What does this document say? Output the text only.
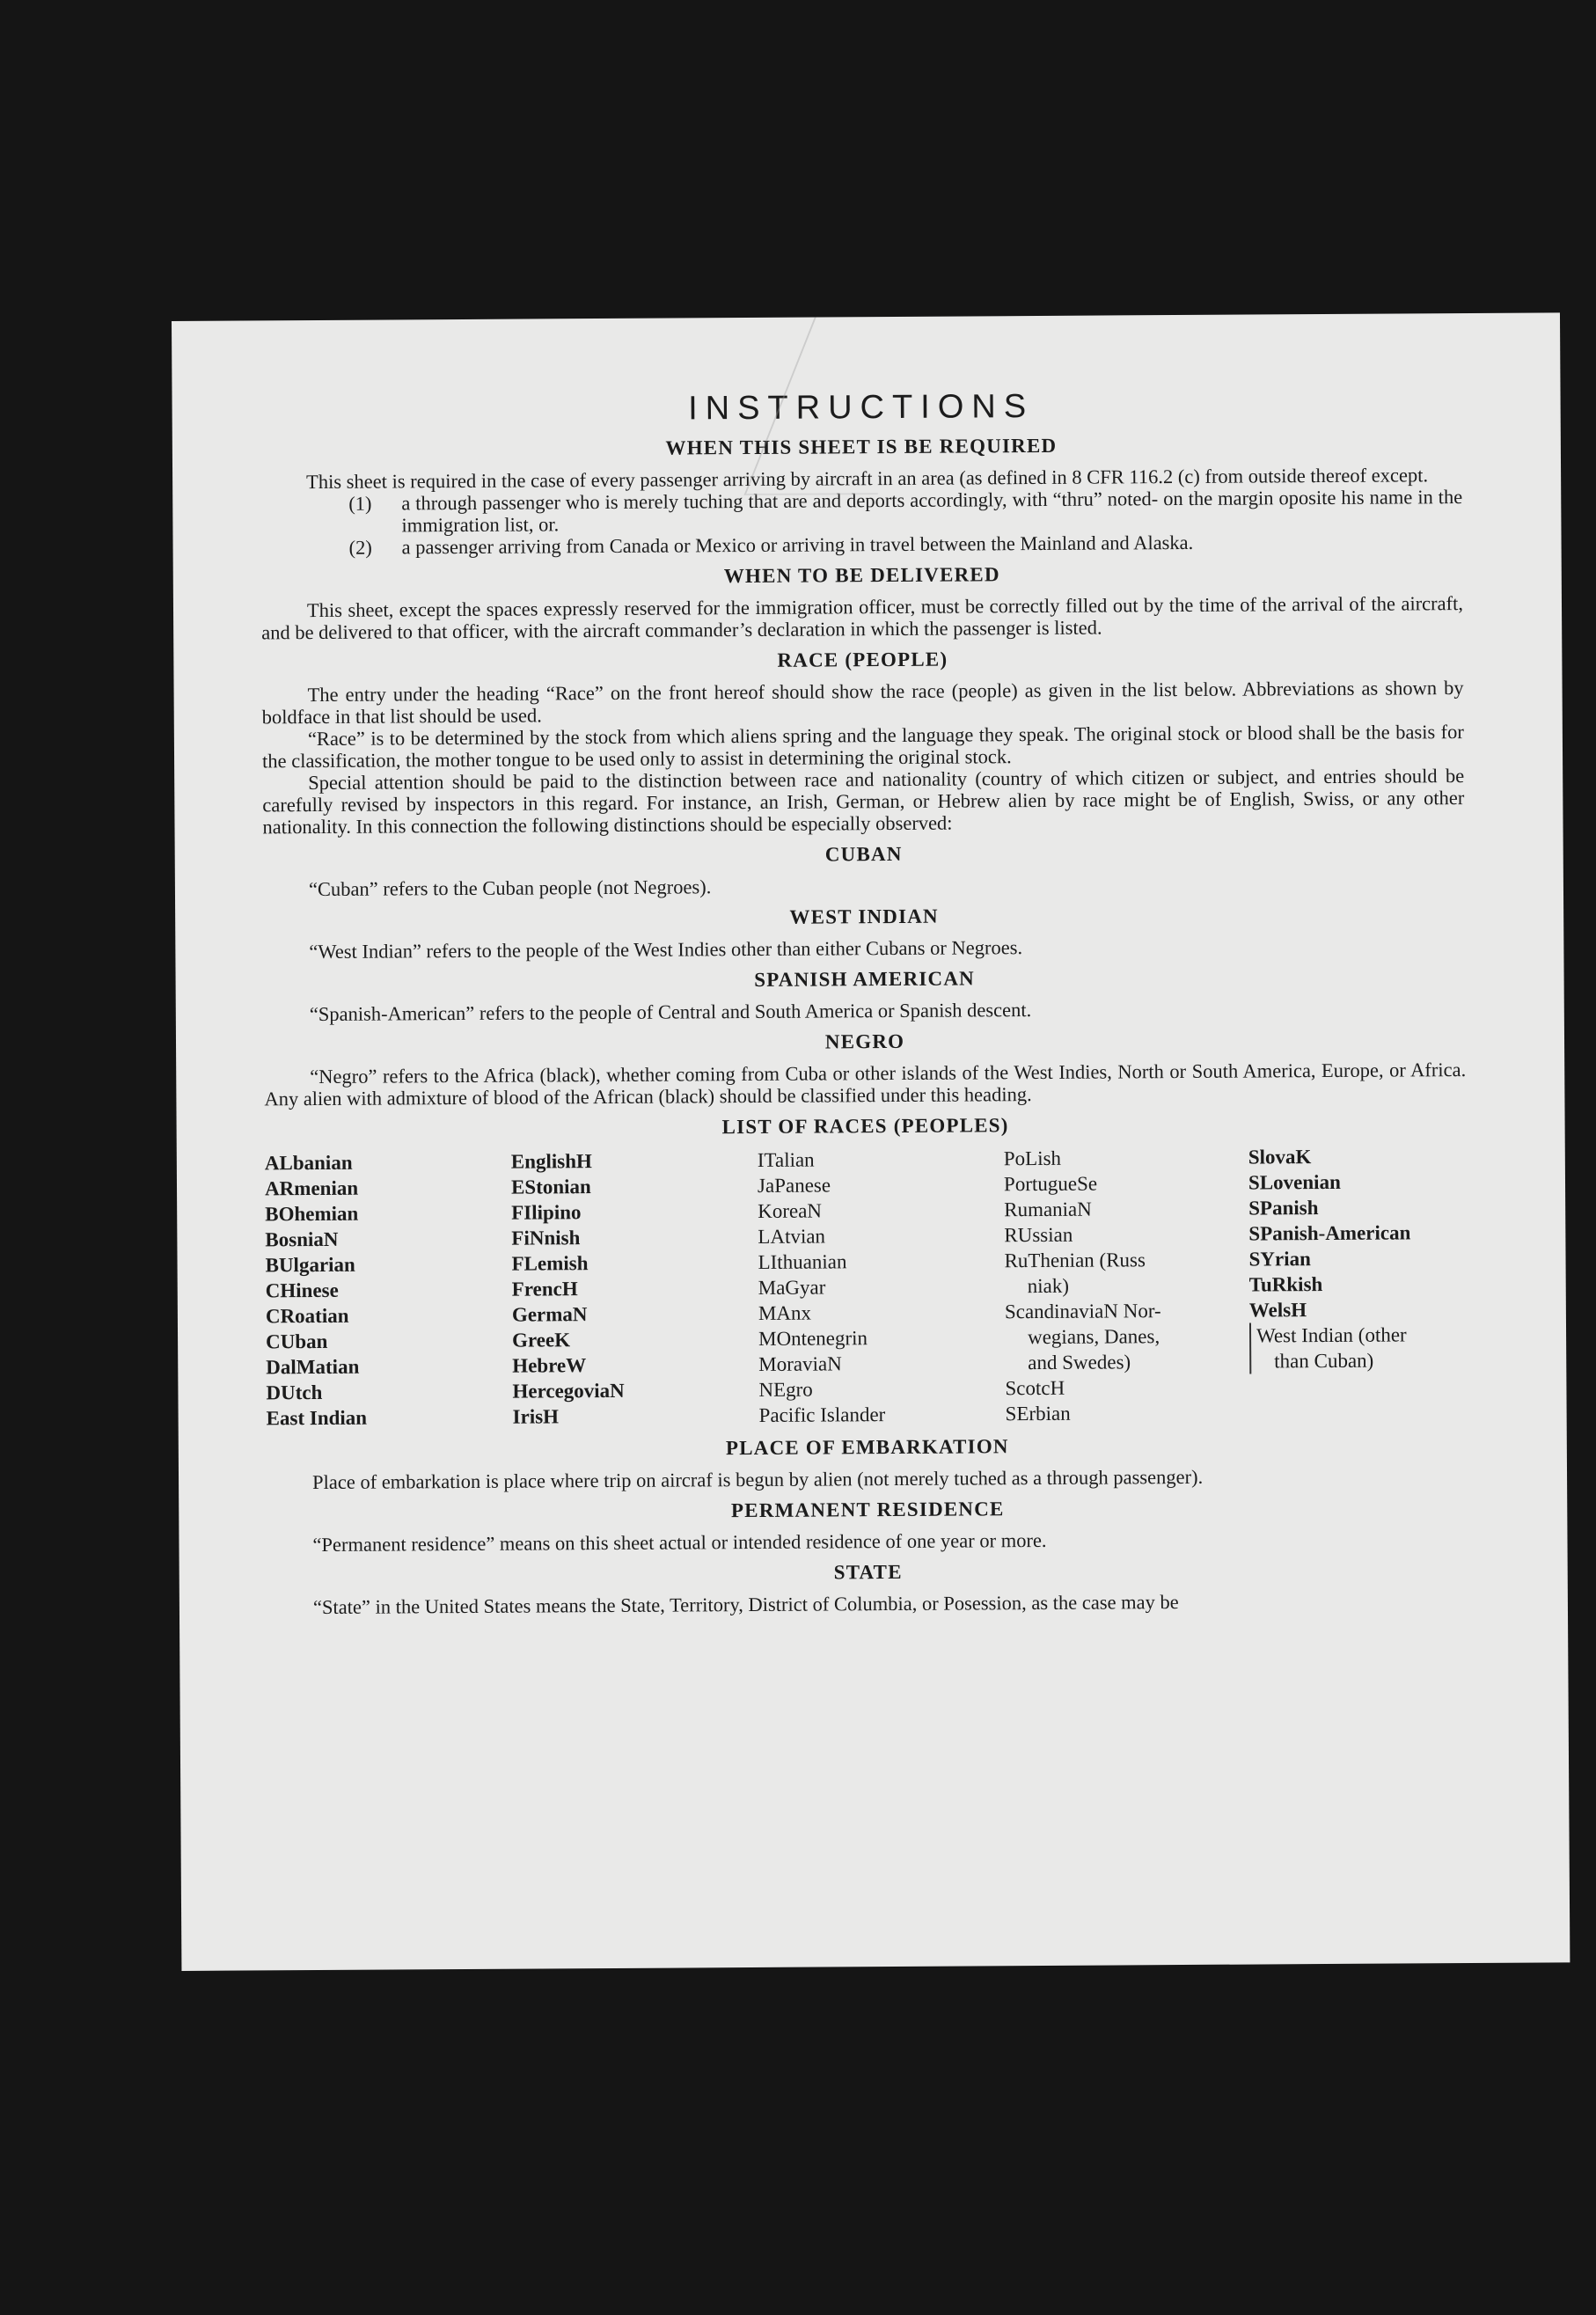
INSTRUCTIONS
WHEN THIS SHEET IS BE REQUIRED

This sheet is required in the case of every passenger arriving by aircraft in an area (as defined in 8 CFR 116.2 (c) from outside thereof except.

(1)	a through passenger who is merely tuching that are and deports accordingly, with “thru” noted- on the margin oposite his name in the immigration list, or.
(2)	a passenger arriving from Canada or Mexico or arriving in travel between the Mainland and Alaska.
WHEN TO BE DELIVERED

This sheet, except the spaces expressly reserved for the immigration officer, must be correctly filled out by the time of the arrival of the aircraft, and be delivered to that officer, with the aircraft commander’s declaration in which the passenger is listed.

RACE (PEOPLE)

The entry under the heading “Race” on the front hereof should show the race (people) as given in the list below. Abbreviations as shown by boldface in that list should be used.

“Race” is to be determined by the stock from which aliens spring and the language they speak. The original stock or blood shall be the basis for the classification, the mother tongue to be used only to assist in determining the original stock.

Special attention should be paid to the distinction between race and nationality (country of which citizen or subject, and entries should be carefully revised by inspectors in this regard. For instance, an Irish, German, or Hebrew alien by race might be of English, Swiss, or any other nationality. In this connection the following distinctions should be especially observed:

CUBAN

“Cuban” refers to the Cuban people (not Negroes).

WEST INDIAN

“West Indian” refers to the people of the West Indies other than either Cubans or Negroes.

SPANISH AMERICAN

“Spanish-American” refers to the people of Central and South America or Spanish descent.

NEGRO

“Negro” refers to the Africa (black), whether coming from Cuba or other islands of the West Indies, North or South America, Europe, or Africa. Any alien with admixture of blood of the African (black) should be classified under this heading.

LIST OF RACES (PEOPLES)
ALbanian
ARmenian
BOhemian
BosniaN
BUlgarian
CHinese
CRoatian
CUban
DalMatian
DUtch
East Indian
EnglishH
EStonian
FIlipino
FiNnish
FLemish
FrencH
GermaN
GreeK
HebreW
HercegoviaN
IrisH
ITalian
JaPanese
KoreaN
LAtvian
LIthuanian
MaGyar
MAnx
MOntenegrin
MoraviaN
NEgro
Pacific Islander
PoLish
PortugueSe
RumaniaN
RUssian
RuThenian (Russ
niak)
ScandinaviaN Nor-
wegians, Danes,
and Swedes)
ScotcH
SErbian
SlovaK
SLovenian
SPanish
SPanish-American
SYrian
TuRkish
WelsH
West Indian (other
than Cuban)
PLACE OF EMBARKATION

Place of embarkation is place where trip on aircraf is begun by alien (not merely tuched as a through passenger).

PERMANENT RESIDENCE

“Permanent residence” means on this sheet actual or intended residence of one year or more.

STATE

“State” in the United States means the State, Territory, District of Columbia, or Posession, as the case may be
